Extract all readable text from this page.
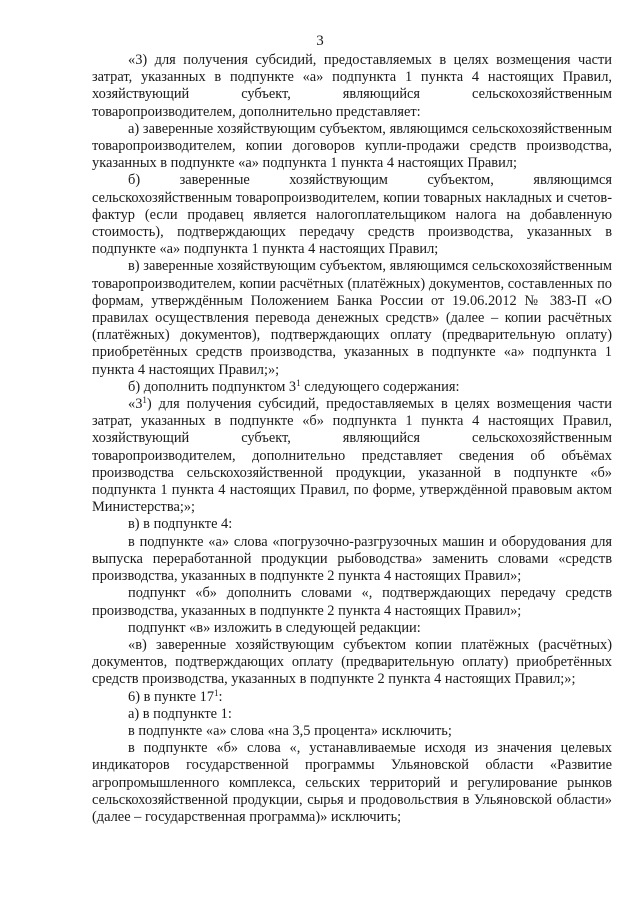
3

«3) для получения субсидий, предоставляемых в целях возмещения части затрат, указанных в подпункте «а» подпункта 1 пункта 4 настоящих Правил, хозяйствующий субъект, являющийся сельскохозяйственным товаропроизводителем, дополнительно представляет:

а) заверенные хозяйствующим субъектом, являющимся сельскохозяйственным товаропроизводителем, копии договоров купли-продажи средств производства, указанных в подпункте «а» подпункта 1 пункта 4 настоящих Правил;

б) заверенные хозяйствующим субъектом, являющимся сельскохозяйственным товаропроизводителем, копии товарных накладных и счетов-фактур (если продавец является налогоплательщиком налога на добавленную стоимость), подтверждающих передачу средств производства, указанных в подпункте «а» подпункта 1 пункта 4 настоящих Правил;

в) заверенные хозяйствующим субъектом, являющимся сельскохозяйственным товаропроизводителем, копии расчётных (платёжных) документов, составленных по формам, утверждённым Положением Банка России от 19.06.2012 № 383-П «О правилах осуществления перевода денежных средств» (далее – копии расчётных (платёжных) документов), подтверждающих оплату (предварительную оплату) приобретённых средств производства, указанных в подпункте «а» подпункта 1 пункта 4 настоящих Правил;»;

б) дополнить подпунктом $3^1$ следующего содержания:

«$3^1$) для получения субсидий, предоставляемых в целях возмещения части затрат, указанных в подпункте «б» подпункта 1 пункта 4 настоящих Правил, хозяйствующий субъект, являющийся сельскохозяйственным товаропроизводителем, дополнительно представляет сведения об объёмах производства сельскохозяйственной продукции, указанной в подпункте «б» подпункта 1 пункта 4 настоящих Правил, по форме, утверждённой правовым актом Министерства;»;

в) в подпункте 4:

в подпункте «а» слова «погрузочно-разгрузочных машин и оборудования для выпуска переработанной продукции рыбоводства» заменить словами «средств производства, указанных в подпункте 2 пункта 4 настоящих Правил»;

подпункт «б» дополнить словами «, подтверждающих передачу средств производства, указанных в подпункте 2 пункта 4 настоящих Правил»;

подпункт «в» изложить в следующей редакции:

«в) заверенные хозяйствующим субъектом копии платёжных (расчётных) документов, подтверждающих оплату (предварительную оплату) приобретённых средств производства, указанных в подпункте 2 пункта 4 настоящих Правил;»;

6) в пункте $17^1$:

а) в подпункте 1:

в подпункте «а» слова «на 3,5 процента» исключить;

в подпункте «б» слова «, устанавливаемые исходя из значения целевых индикаторов государственной программы Ульяновской области «Развитие агропромышленного комплекса, сельских территорий и регулирование рынков сельскохозяйственной продукции, сырья и продовольствия в Ульяновской области» (далее – государственная программа)» исключить;
